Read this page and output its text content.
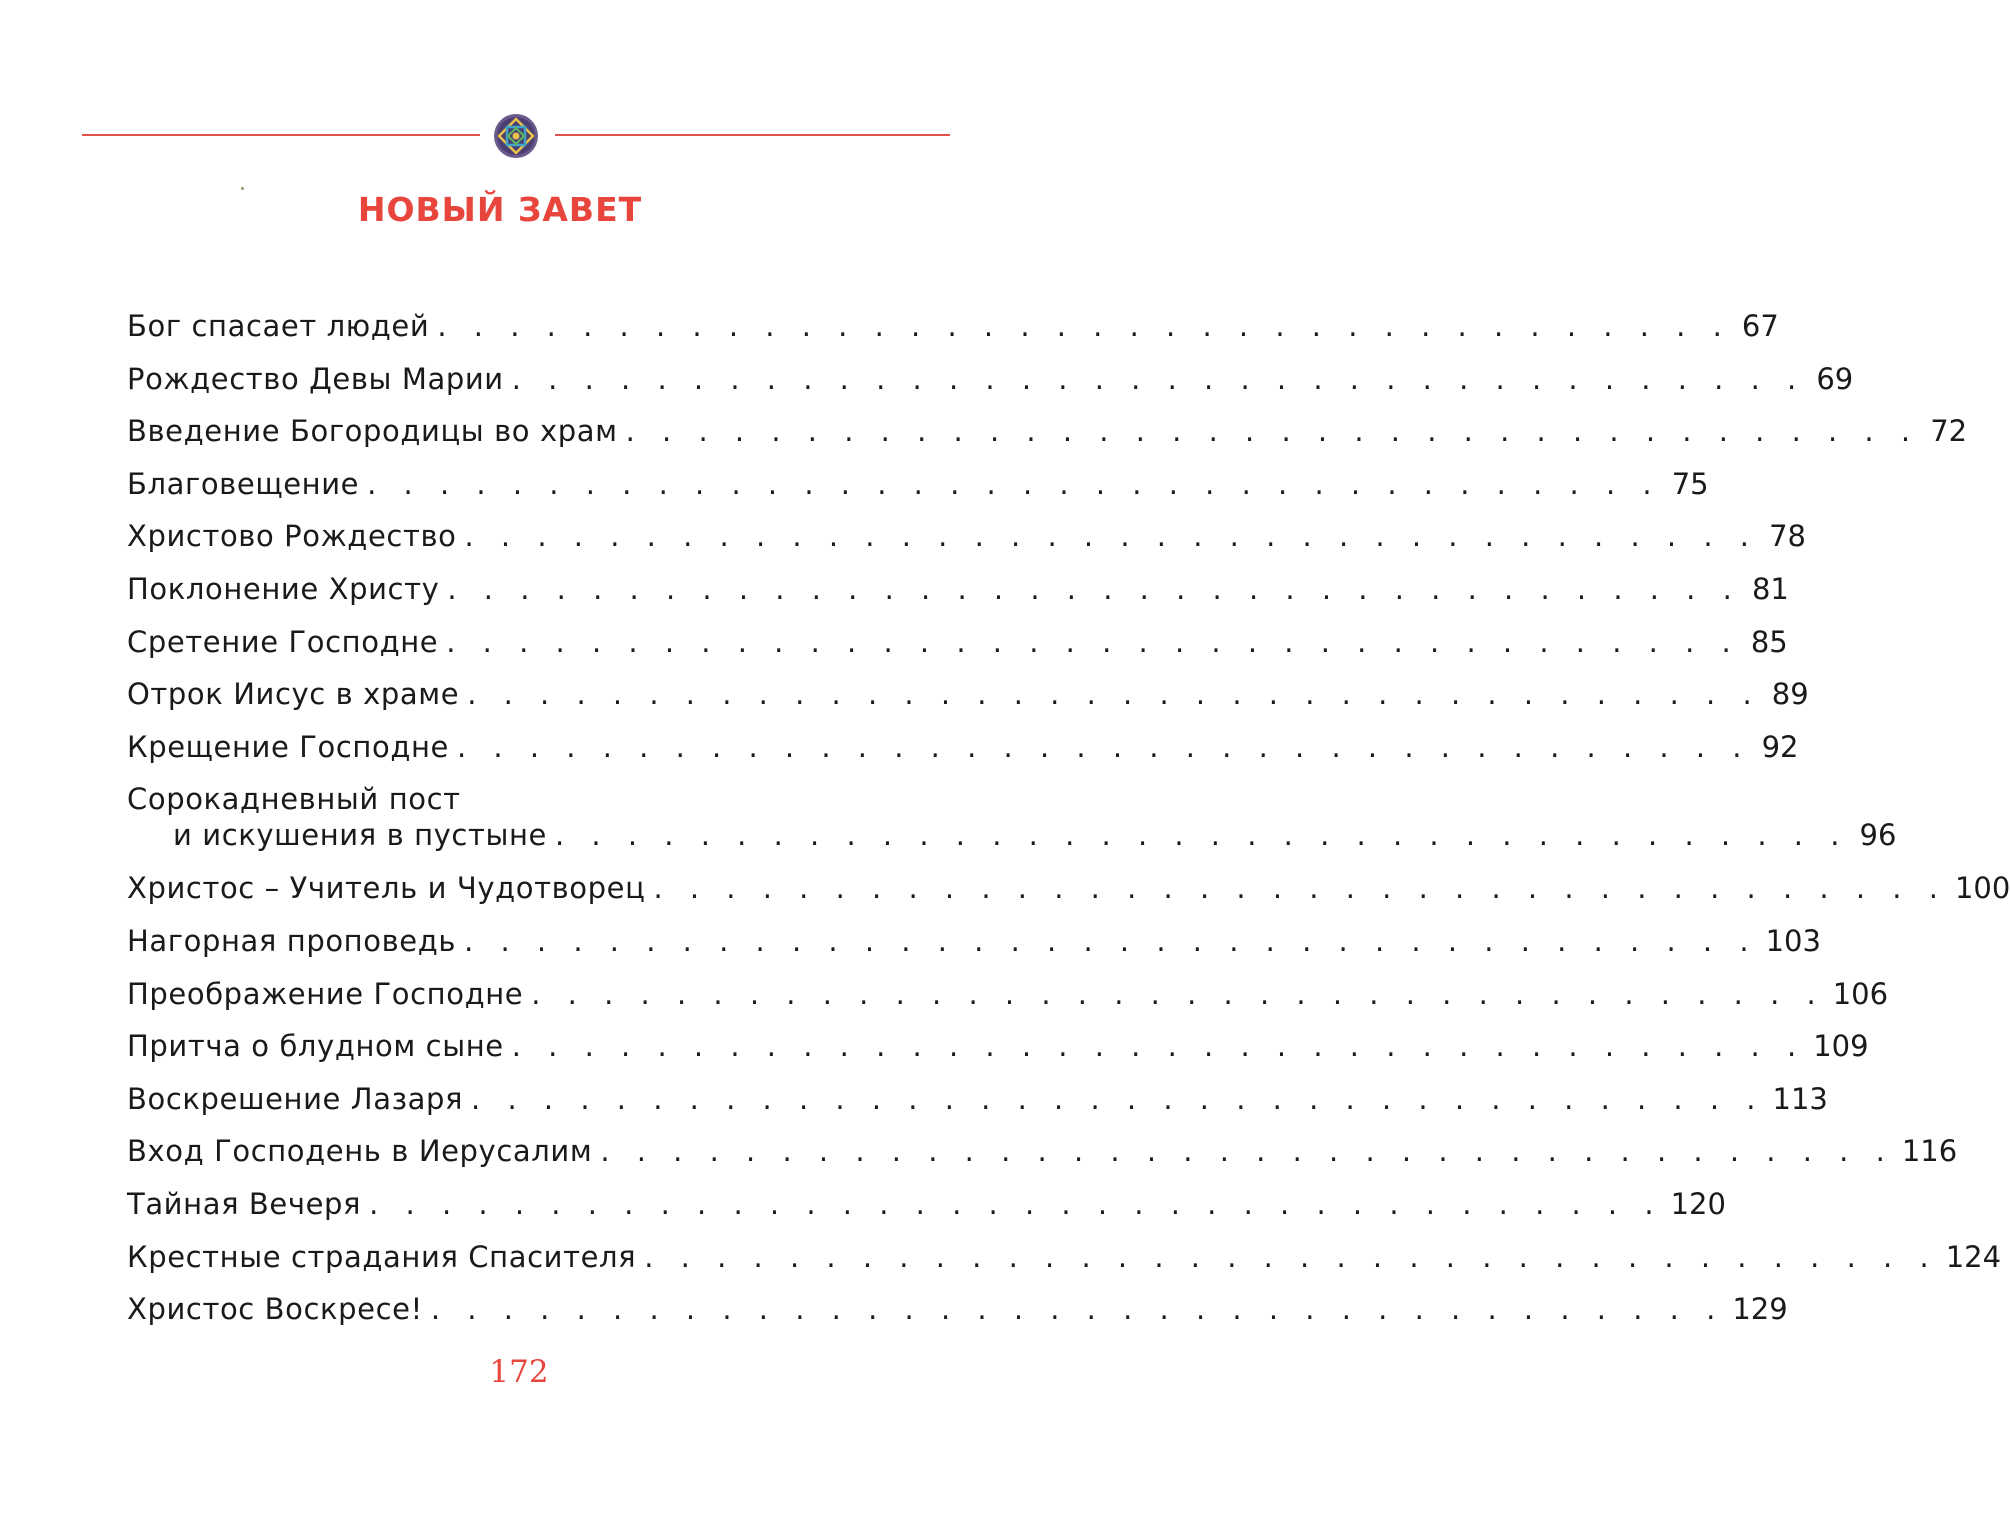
НОВЫЙ ЗАВЕТ
Бог спасает людей . . . . . . . . . . . . . . . . . . . . . . . . . . . . . . . . . . . . 67
Рождество Девы Марии . . . . . . . . . . . . . . . . . . . . . . . . . . . . . . . . . . . . 69
Введение Богородицы во храм . . . . . . . . . . . . . . . . . . . . . . . . . . . . . . . . . . . . 72
Благовещение . . . . . . . . . . . . . . . . . . . . . . . . . . . . . . . . . . . . 75
Христово Рождество . . . . . . . . . . . . . . . . . . . . . . . . . . . . . . . . . . . . 78
Поклонение Христу . . . . . . . . . . . . . . . . . . . . . . . . . . . . . . . . . . . . 81
Сретение Господне . . . . . . . . . . . . . . . . . . . . . . . . . . . . . . . . . . . . 85
Отрок Иисус в храме . . . . . . . . . . . . . . . . . . . . . . . . . . . . . . . . . . . . 89
Крещение Господне . . . . . . . . . . . . . . . . . . . . . . . . . . . . . . . . . . . . 92
Сорокадневный пост
и искушения в пустыне . . . . . . . . . . . . . . . . . . . . . . . . . . . . . . . . . . . . 96
Христос – Учитель и Чудотворец . . . . . . . . . . . . . . . . . . . . . . . . . . . . . . . . . . . . 100
Нагорная проповедь . . . . . . . . . . . . . . . . . . . . . . . . . . . . . . . . . . . . 103
Преображение Господне . . . . . . . . . . . . . . . . . . . . . . . . . . . . . . . . . . . . 106
Притча о блудном сыне . . . . . . . . . . . . . . . . . . . . . . . . . . . . . . . . . . . . 109
Воскрешение Лазаря . . . . . . . . . . . . . . . . . . . . . . . . . . . . . . . . . . . . 113
Вход Господень в Иерусалим . . . . . . . . . . . . . . . . . . . . . . . . . . . . . . . . . . . . 116
Тайная Вечеря . . . . . . . . . . . . . . . . . . . . . . . . . . . . . . . . . . . . 120
Крестные страдания Спасителя . . . . . . . . . . . . . . . . . . . . . . . . . . . . . . . . . . . . 124
Христос Воскресе! . . . . . . . . . . . . . . . . . . . . . . . . . . . . . . . . . . . . 129
172
